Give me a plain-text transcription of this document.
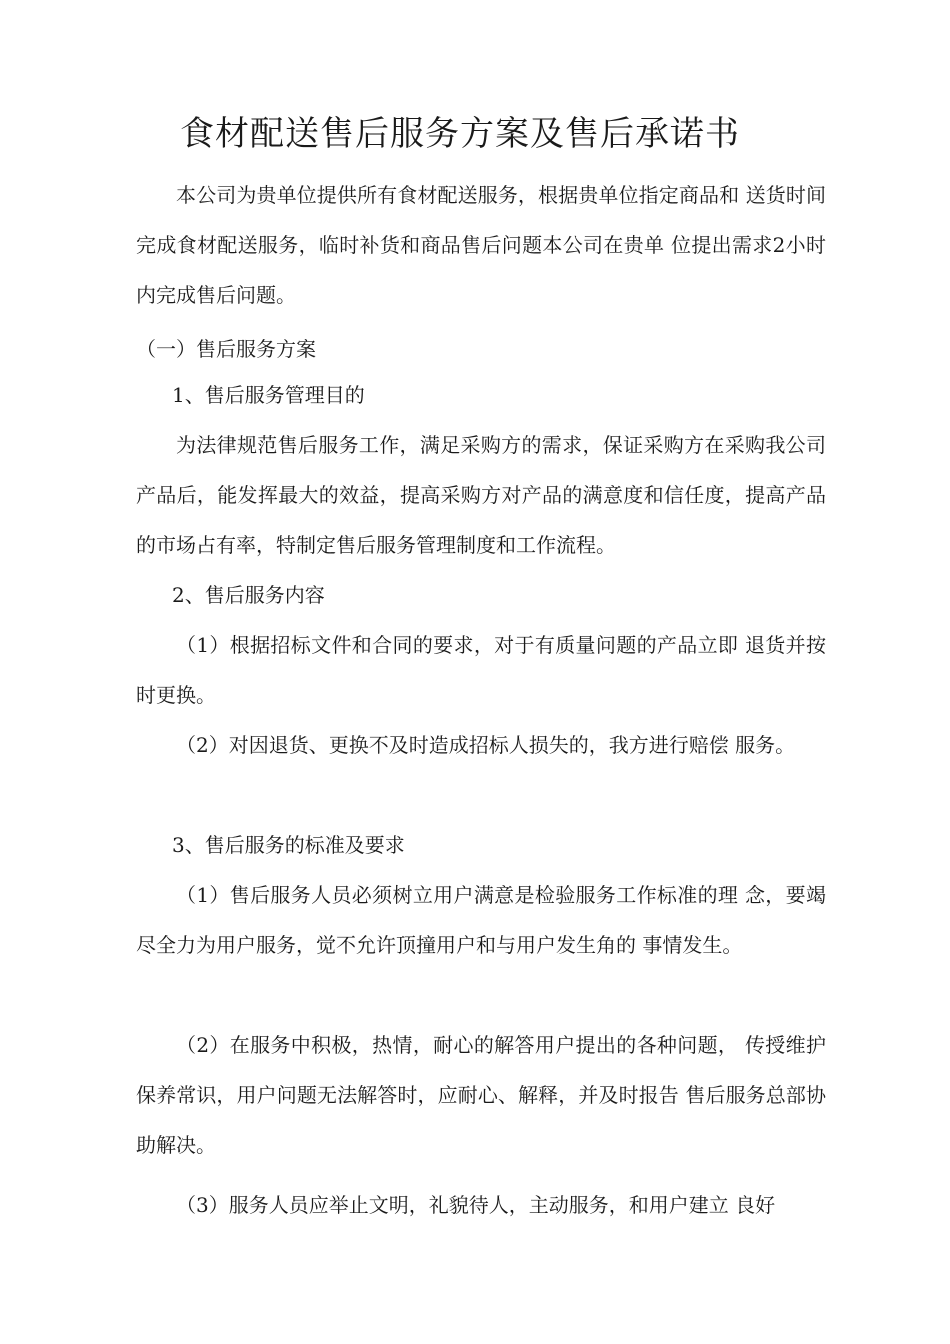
食材配送售后服务方案及售后承诺书
本公司为贵单位提供所有食材配送服务，根据贵单位指定商品和 送货时间完成食材配送服务，临时补货和商品售后问题本公司在贵单 位提出需求2小时内完成售后问题。
（一）售后服务方案
1、售后服务管理目的
为法律规范售后服务工作，满足采购方的需求，保证采购方在采购我公司产品后，能发挥最大的效益，提高采购方对产品的满意度和信任度，提高产品的市场占有率，特制定售后服务管理制度和工作流程。
2、售后服务内容
（1）根据招标文件和合同的要求，对于有质量问题的产品立即 退货并按时更换。
（2）对因退货、更换不及时造成招标人损失的，我方进行赔偿 服务。
3、售后服务的标准及要求
（1）售后服务人员必须树立用户满意是检验服务工作标准的理 念，要竭尽全力为用户服务，觉不允许顶撞用户和与用户发生角的 事情发生。
（2）在服务中积极，热情，耐心的解答用户提出的各种问题， 传授维护保养常识，用户问题无法解答时，应耐心、解释，并及时报告 售后服务总部协助解决。
（3）服务人员应举止文明，礼貌待人，主动服务，和用户建立 良好
